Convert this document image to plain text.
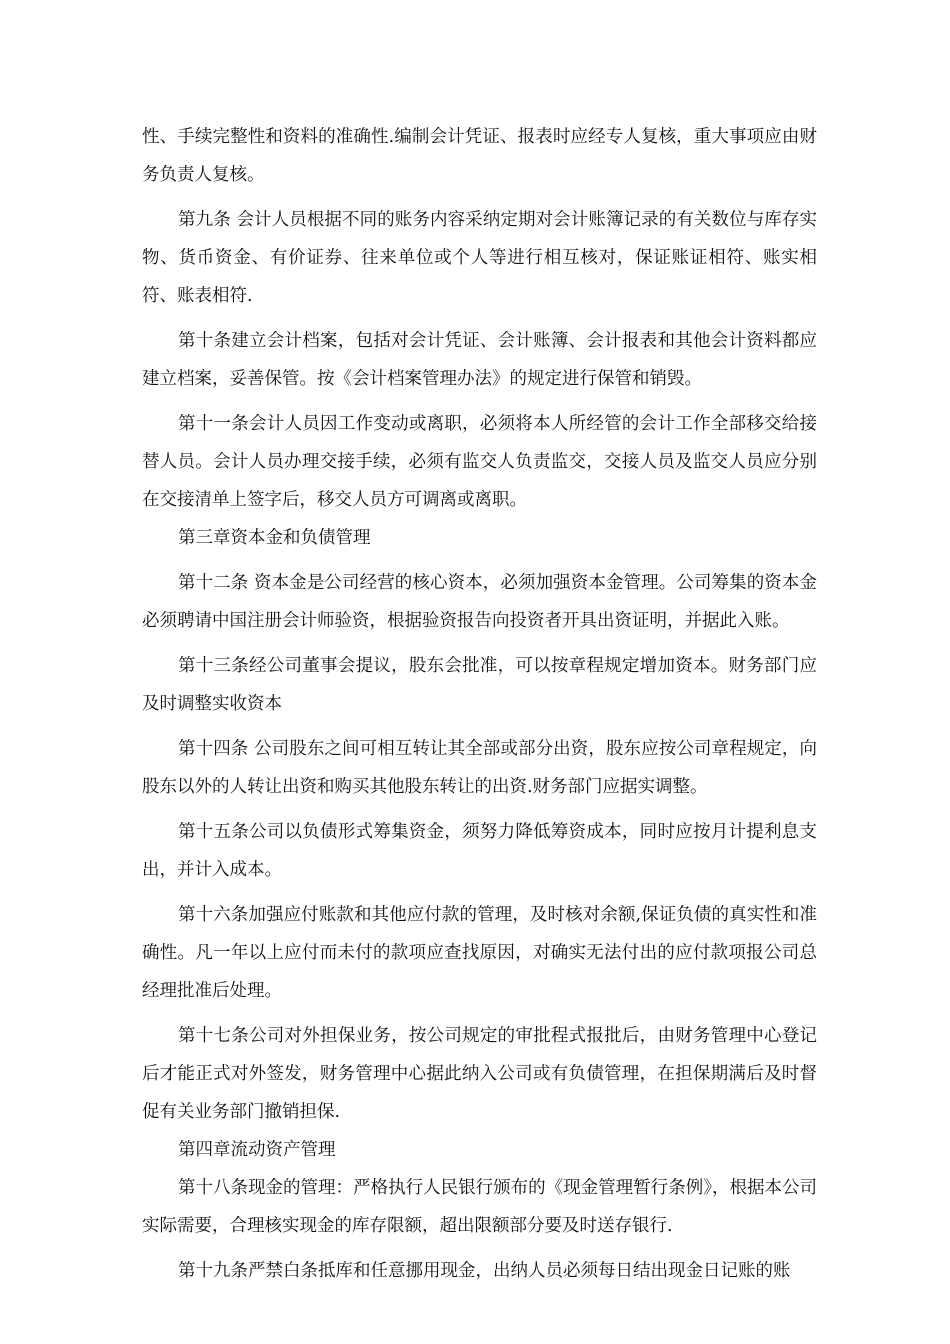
性、手续完整性和资料的准确性.编制会计凭证、报表时应经专人复核，重大事项应由财务负责人复核。

第九条 会计人员根据不同的账务内容采纳定期对会计账簿记录的有关数位与库存实物、货币资金、有价证券、往来单位或个人等进行相互核对，保证账证相符、账实相符、账表相符.

第十条建立会计档案，包括对会计凭证、会计账簿、会计报表和其他会计资料都应建立档案，妥善保管。按《会计档案管理办法》的规定进行保管和销毁。

第十一条会计人员因工作变动或离职，必须将本人所经管的会计工作全部移交给接替人员。会计人员办理交接手续，必须有监交人负责监交，交接人员及监交人员应分别在交接清单上签字后，移交人员方可调离或离职。

第三章资本金和负债管理

第十二条 资本金是公司经营的核心资本，必须加强资本金管理。公司筹集的资本金必须聘请中国注册会计师验资，根据验资报告向投资者开具出资证明，并据此入账。

第十三条经公司董事会提议，股东会批准，可以按章程规定增加资本。财务部门应及时调整实收资本

第十四条 公司股东之间可相互转让其全部或部分出资，股东应按公司章程规定，向股东以外的人转让出资和购买其他股东转让的出资.财务部门应据实调整。

第十五条公司以负债形式筹集资金，须努力降低筹资成本，同时应按月计提利息支出，并计入成本。

第十六条加强应付账款和其他应付款的管理，及时核对余额,保证负债的真实性和准确性。凡一年以上应付而未付的款项应查找原因，对确实无法付出的应付款项报公司总经理批准后处理。

第十七条公司对外担保业务，按公司规定的审批程式报批后，由财务管理中心登记后才能正式对外签发，财务管理中心据此纳入公司或有负债管理，在担保期满后及时督促有关业务部门撤销担保.

第四章流动资产管理

第十八条现金的管理：严格执行人民银行颁布的《现金管理暂行条例》，根据本公司实际需要，合理核实现金的库存限额，超出限额部分要及时送存银行.

第十九条严禁白条抵库和任意挪用现金，出纳人员必须每日结出现金日记账的账
